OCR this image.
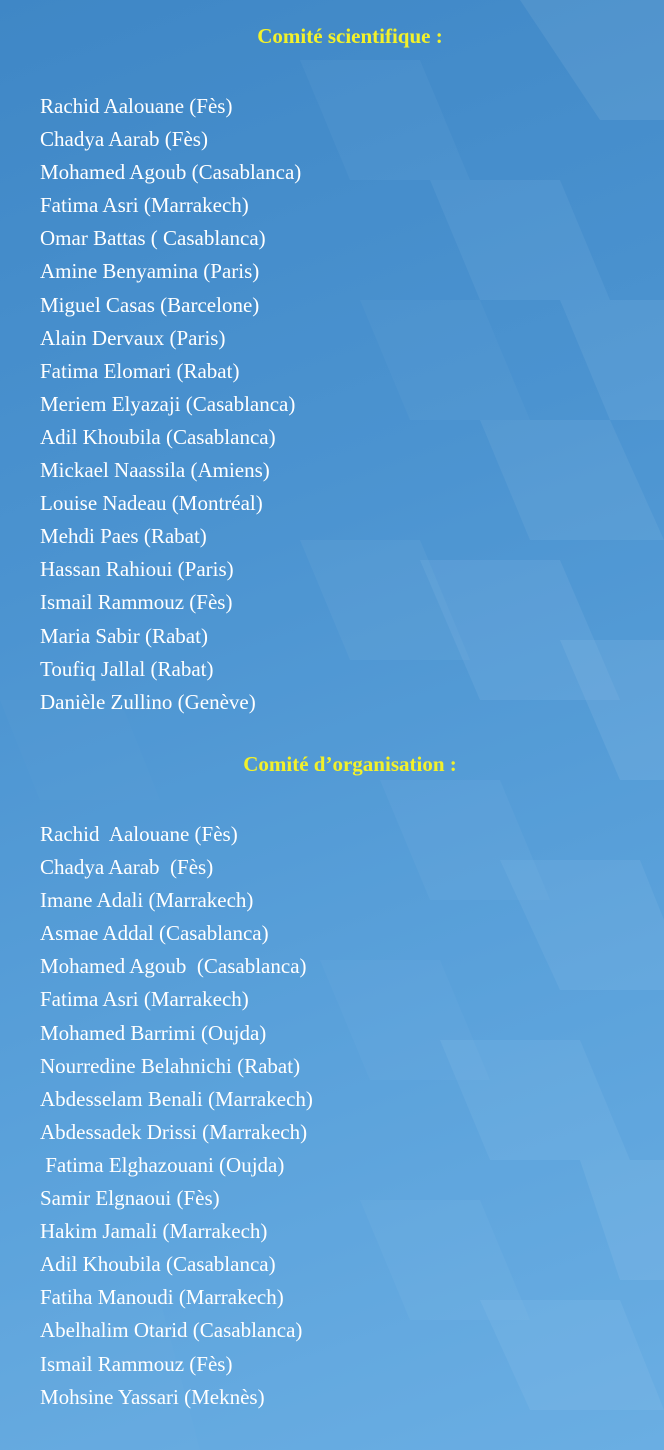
Comité scientifique :
Rachid Aalouane (Fès)
Chadya Aarab (Fès)
Mohamed Agoub (Casablanca)
Fatima Asri (Marrakech)
Omar Battas ( Casablanca)
Amine Benyamina (Paris)
Miguel Casas (Barcelone)
Alain Dervaux (Paris)
Fatima Elomari (Rabat)
Meriem Elyazaji (Casablanca)
Adil Khoubila (Casablanca)
Mickael Naassila (Amiens)
Louise Nadeau (Montréal)
Mehdi Paes (Rabat)
Hassan Rahioui (Paris)
Ismail Rammouz (Fès)
Maria Sabir (Rabat)
Toufiq Jallal (Rabat)
Danièle Zullino (Genève)
Comité d’organisation :
Rachid  Aalouane (Fès)
Chadya Aarab  (Fès)
Imane Adali (Marrakech)
Asmae Addal (Casablanca)
Mohamed Agoub  (Casablanca)
Fatima Asri (Marrakech)
Mohamed Barrimi (Oujda)
Nourredine Belahnichi (Rabat)
Abdesselam Benali (Marrakech)
Abdessadek Drissi (Marrakech)
Fatima Elghazouani (Oujda)
Samir Elgnaoui (Fès)
Hakim Jamali (Marrakech)
Adil Khoubila (Casablanca)
Fatiha Manoudi (Marrakech)
Abelhalim Otarid (Casablanca)
Ismail Rammouz (Fès)
Mohsine Yassari (Meknès)
